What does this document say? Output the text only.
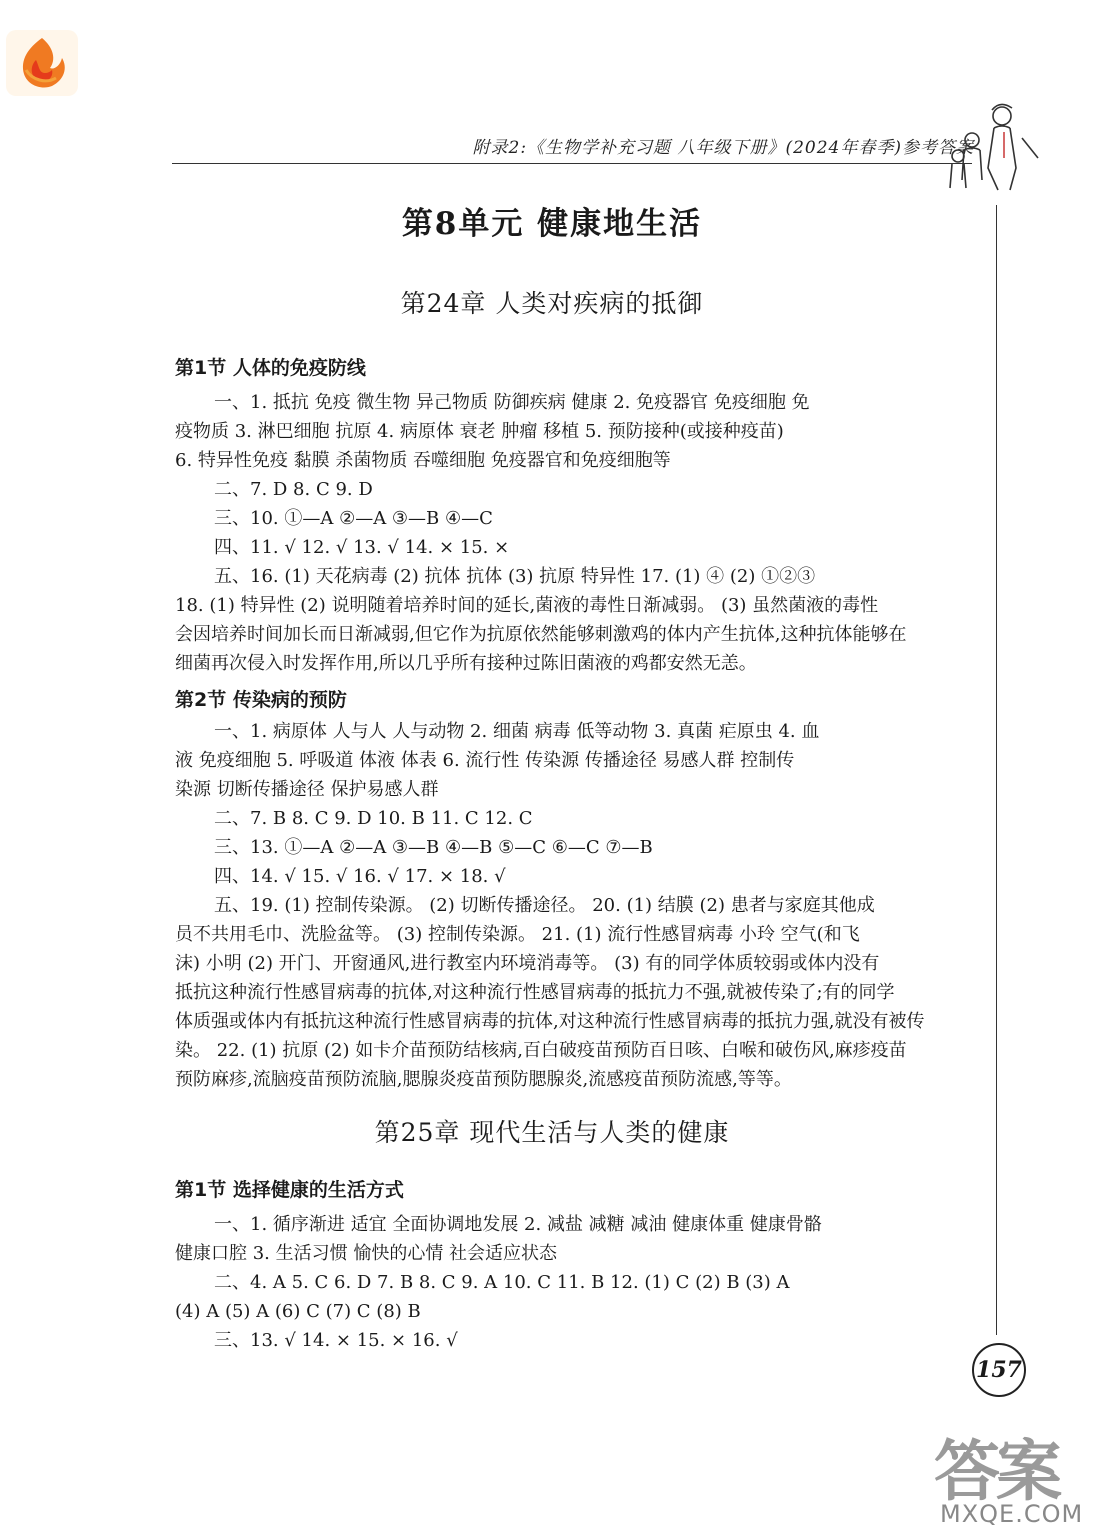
附录2:《生物学补充习题 八年级下册》(2024年春季)参考答案
第8单元 健康地生活
第24章 人类对疾病的抵御
第1节 人体的免疫防线
一、1. 抵抗 免疫 微生物 异己物质 防御疾病 健康 2. 免疫器官 免疫细胞 免
疫物质 3. 淋巴细胞 抗原 4. 病原体 衰老 肿瘤 移植 5. 预防接种(或接种疫苗)
6. 特异性免疫 黏膜 杀菌物质 吞噬细胞 免疫器官和免疫细胞等
二、7. D 8. C 9. D
三、10. ①—A ②—A ③—B ④—C
四、11. √ 12. √ 13. √ 14. × 15. ×
五、16. (1) 天花病毒 (2) 抗体 抗体 (3) 抗原 特异性 17. (1) ④ (2) ①②③
18. (1) 特异性 (2) 说明随着培养时间的延长,菌液的毒性日渐减弱。 (3) 虽然菌液的毒性
会因培养时间加长而日渐减弱,但它作为抗原依然能够刺激鸡的体内产生抗体,这种抗体能够在
细菌再次侵入时发挥作用,所以几乎所有接种过陈旧菌液的鸡都安然无恙。
第2节 传染病的预防
一、1. 病原体 人与人 人与动物 2. 细菌 病毒 低等动物 3. 真菌 疟原虫 4. 血
液 免疫细胞 5. 呼吸道 体液 体表 6. 流行性 传染源 传播途径 易感人群 控制传
染源 切断传播途径 保护易感人群
二、7. B 8. C 9. D 10. B 11. C 12. C
三、13. ①—A ②—A ③—B ④—B ⑤—C ⑥—C ⑦—B
四、14. √ 15. √ 16. √ 17. × 18. √
五、19. (1) 控制传染源。 (2) 切断传播途径。 20. (1) 结膜 (2) 患者与家庭其他成
员不共用毛巾、洗脸盆等。 (3) 控制传染源。 21. (1) 流行性感冒病毒 小玲 空气(和飞
沫) 小明 (2) 开门、开窗通风,进行教室内环境消毒等。 (3) 有的同学体质较弱或体内没有
抵抗这种流行性感冒病毒的抗体,对这种流行性感冒病毒的抵抗力不强,就被传染了;有的同学
体质强或体内有抵抗这种流行性感冒病毒的抗体,对这种流行性感冒病毒的抵抗力强,就没有被传
染。 22. (1) 抗原 (2) 如卡介苗预防结核病,百白破疫苗预防百日咳、白喉和破伤风,麻疹疫苗
预防麻疹,流脑疫苗预防流脑,腮腺炎疫苗预防腮腺炎,流感疫苗预防流感,等等。
第25章 现代生活与人类的健康
第1节 选择健康的生活方式
一、1. 循序渐进 适宜 全面协调地发展 2. 减盐 减糖 减油 健康体重 健康骨骼
健康口腔 3. 生活习惯 愉快的心情 社会适应状态
二、4. A 5. C 6. D 7. B 8. C 9. A 10. C 11. B 12. (1) C (2) B (3) A
(4) A (5) A (6) C (7) C (8) B
三、13. √ 14. × 15. × 16. √
157
答案
MXQE.COM
